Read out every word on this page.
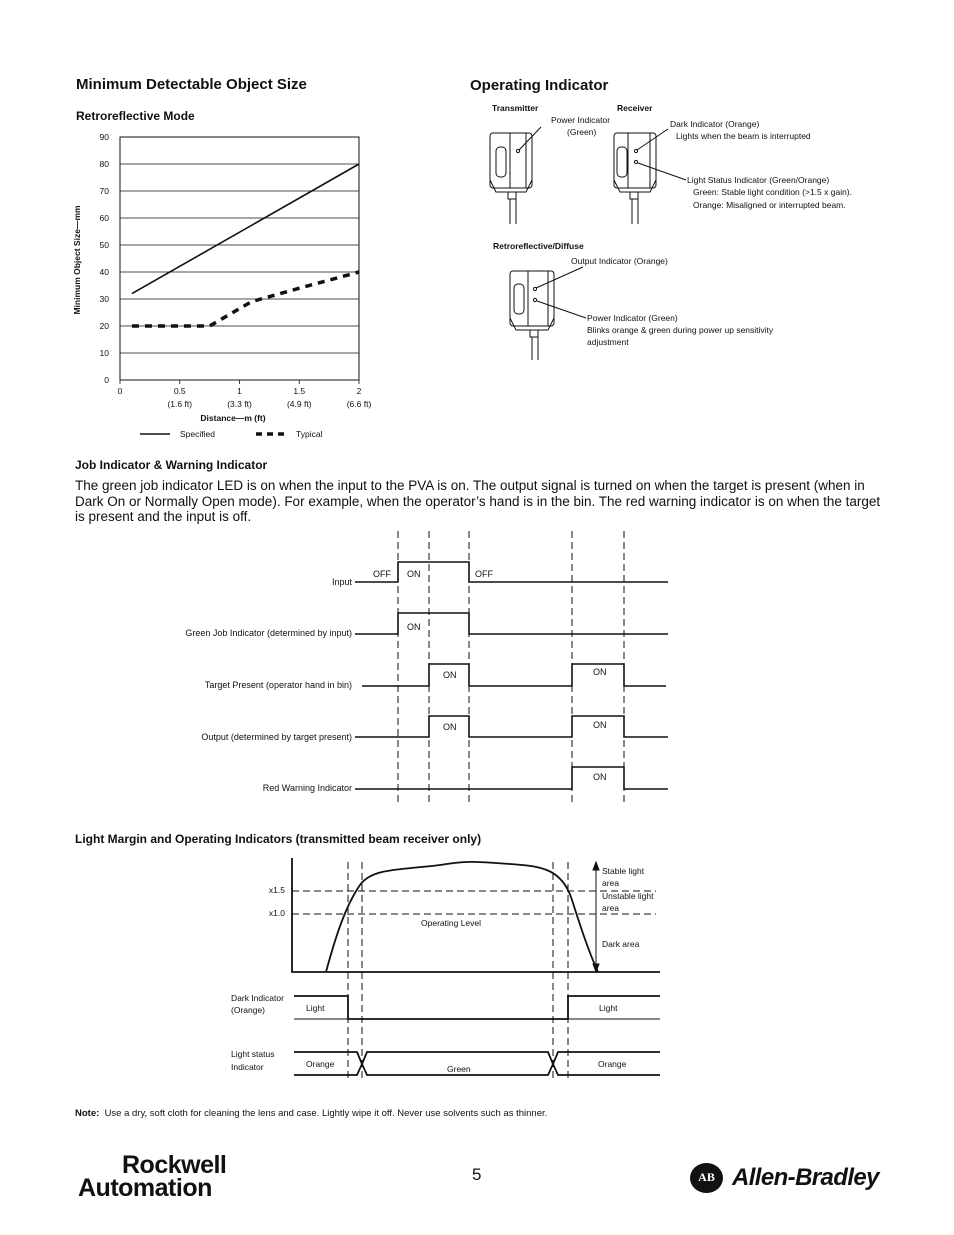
Minimum Detectable Object Size
Retroreflective Mode
0
10
20
30
40
50
60
70
80
90
0	0.5
(1.6 ft)
1
(3.3 ft)
1.5
(4.9 ft)
2
(6.6 ft)
Minimum Object Size—mm
Distance—m (ft)
Specified	Typical
Operating Indicator
Transmitter	Receiver
Power Indicator
(Green)
Dark Indicator (Orange)
Lights when the beam is interrupted
Light Status Indicator (Green/Orange)
Green: Stable light condition (>1.5 x gain).
Orange: Misaligned or interrupted beam.
Retroreflective/Diffuse
Output Indicator (Orange)
Power Indicator (Green)
Blinks orange & green during power up sensitivity
adjustment
Job Indicator & Warning Indicator
The green job indicator LED is on when the input to the PVA is on. The output signal is turned on when the target is present (when in Dark On or Normally Open mode). For example, when the operator’s hand is in the bin. The red warning indicator is on when the target is present and the input is off.
Input
OFF ON	OFF
Green Job Indicator (determined by input)
ON
Target Present (operator hand in bin)
ON	ON
Output (determined by target present)
ON	ON
Red Warning Indicator
ON
Light Margin and Operating Indicators (transmitted beam receiver only)
x1.5
x1.0
Operating Level
Stable light
area
Unstable light
area
Dark area
Dark Indicator
(Orange)	Light	Light
Light status
Indicator	Orange	Green	Orange
Note: Use a dry, soft cloth for cleaning the lens and case. Lightly wipe it off. Never use solvents such as thinner.
Rockwell
Automation	5	AB Allen-Bradley
